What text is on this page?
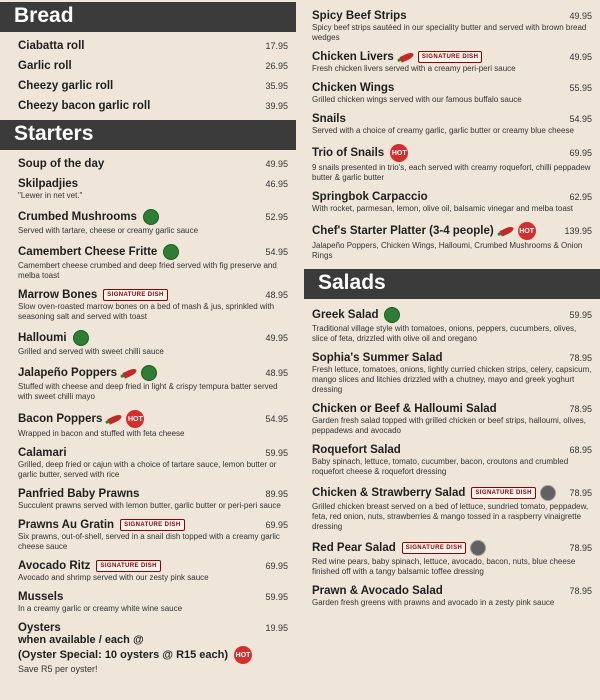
Bread
Ciabatta roll	17.95
Garlic roll	26.95
Cheezy garlic roll	35.95
Cheezy bacon garlic roll	39.95
Starters
Soup of the day	49.95
Skilpadjies	46.95
"Lewer in net vet."
Crumbed Mushrooms	52.95
Served with tartare, cheese or creamy garlic sauce
Camembert Cheese Fritte	54.95
Camembert cheese crumbed and deep fried served with fig preserve and melba toast
Marrow Bones	SIGNATURE DISH	48.95
Slow oven-roasted marrow bones on a bed of mash & jus, sprinkled with seasoning salt and served with toast
Halloumi	49.95
Grilled and served with sweet chilli sauce
Jalapeño Poppers	48.95
Stuffed with cheese and deep fried in light & crispy tempura batter served with sweet chilli mayo
Bacon Poppers	HOT	54.95
Wrapped in bacon and stuffed with feta cheese
Calamari	59.95
Grilled, deep fried or cajun with a choice of tartare sauce, lemon butter or garlic butter, served with rice
Panfried Baby Prawns	89.95
Succulent prawns served with lemon butter, garlic butter or peri-peri sauce
Prawns Au Gratin	SIGNATURE DISH	69.95
Six prawns, out-of-shell, served in a snail dish topped with a creamy garlic cheese sauce
Avocado Ritz	SIGNATURE DISH	69.95
Avocado and shrimp served with our zesty pink sauce
Mussels	59.95
In a creamy garlic or creamy white wine sauce
Oysters	19.95
when available / each @
(Oyster Special: 10 oysters @ R15 each) HOT
Save R5 per oyster!
Spicy Beef Strips	49.95
Spicy beef strips sautéed in our speciality butter and served with brown bread wedges
Chicken Livers	SIGNATURE DISH	49.95
Fresh chicken livers served with a creamy peri-peri sauce
Chicken Wings	55.95
Grilled chicken wings served with our famous buffalo sauce
Snails	54.95
Served with a choice of creamy garlic, garlic butter or creamy blue cheese
Trio of Snails HOT	69.95
9 snails presented in trio's, each served with creamy roquefort, chilli peppadew butter & garlic butter
Springbok Carpaccio	62.95
With rocket, parmesan, lemon, olive oil, balsamic vinegar and melba toast
Chef's Starter Platter (3-4 people)	HOT	139.95
Jalapeño Poppers, Chicken Wings, Halloumi, Crumbed Mushrooms & Onion Rings
Salads
Greek Salad	59.95
Traditional village style with tomatoes, onions, peppers, cucumbers, olives, slice of feta, drizzled with olive oil and oregano
Sophia's Summer Salad	78.95
Fresh lettuce, tomatoes, onions, lightly curried chicken strips, celery, capsicum, mango slices and litchies drizzled with a chutney, mayo and greek yoghurt dressing
Chicken or Beef & Halloumi Salad	78.95
Garden fresh salad topped with grilled chicken or beef strips, halloumi, olives, peppadews and avocado
Roquefort Salad	68.95
Baby spinach, lettuce, tomato, cucumber, bacon, croutons and crumbled roquefort cheese & roquefort dressing
Chicken & Strawberry Salad	SIGNATURE DISH	78.95
Grilled chicken breast served on a bed of lettuce, sundried tomato, peppadew, feta, red onion, nuts, strawberries & mango tossed in a raspberry vinaigrette dressing
Red Pear Salad	SIGNATURE DISH	78.95
Red wine pears, baby spinach, lettuce, avocado, bacon, nuts, blue cheese finished off with a tangy balsamic toffee dressing
Prawn & Avocado Salad	78.95
Garden fresh greens with prawns and avocado in a zesty pink sauce
